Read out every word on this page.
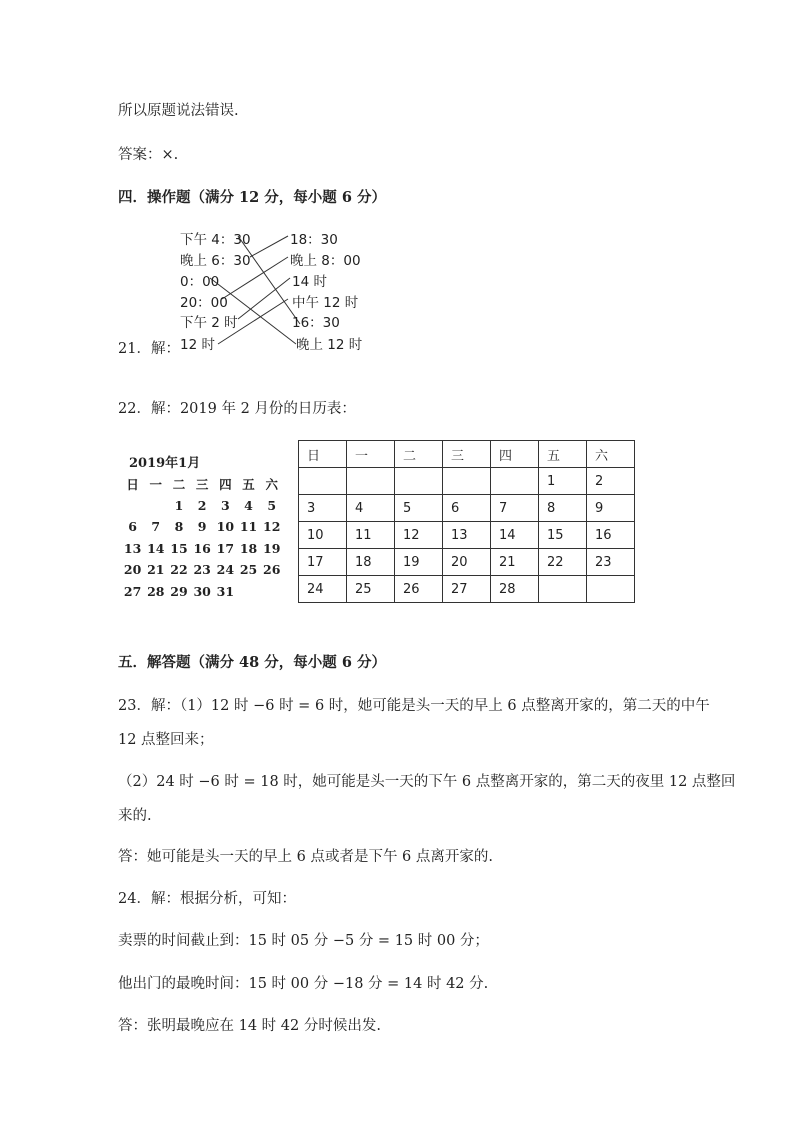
所以原题说法错误.
答案：×.
四．操作题（满分 12 分，每小题 6 分）
下午 4：30
晚上 6：30
0：00
20：00
下午 2 时
12 时
18：30
晚上 8：00
14 时
中午 12 时
16：30
晚上 12 时
21．解：
22．解：2019 年 2 月份的日历表：
2019年1月
日	一	二	三	四	五	六
		1	2	3	4	5
6	7	8	9	10	11	12
13	14	15	16	17	18	19
20	21	22	23	24	25	26
27	28	29	30	31		
日	一	二	三	四	五	六
					1	2
3	4	5	6	7	8	9
10	11	12	13	14	15	16
17	18	19	20	21	22	23
24	25	26	27	28		
五．解答题（满分 48 分，每小题 6 分）
23．解：（1）12 时 −6 时 = 6 时，她可能是头一天的早上 6 点整离开家的，第二天的中午
12 点整回来；
（2）24 时 −6 时 = 18 时，她可能是头一天的下午 6 点整离开家的，第二天的夜里 12 点整回
来的.
答：她可能是头一天的早上 6 点或者是下午 6 点离开家的.
24．解：根据分析，可知：
卖票的时间截止到：15 时 05 分 −5 分 = 15 时 00 分；
他出门的最晚时间：15 时 00 分 −18 分 = 14 时 42 分.
答：张明最晚应在 14 时 42 分时候出发.
